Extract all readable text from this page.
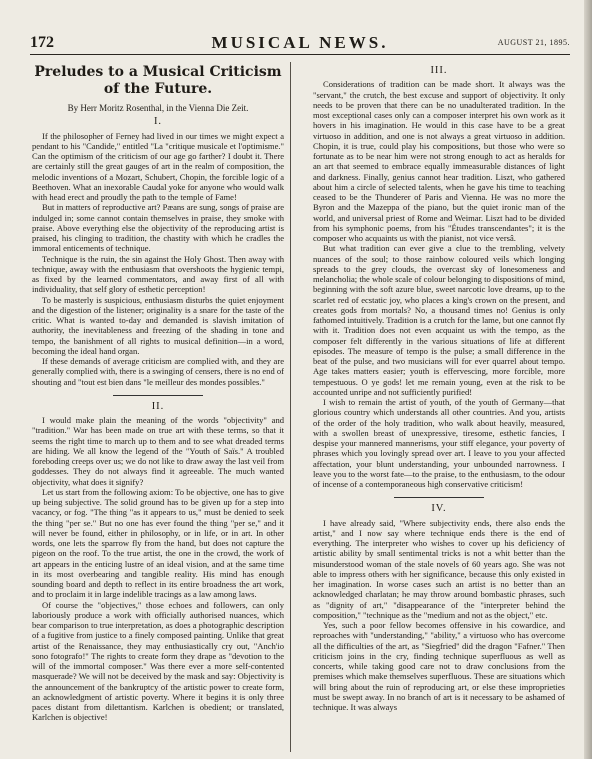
172	MUSICAL NEWS.	AUGUST 21, 1895.
Preludes to a Musical Criticism of the Future.
By Herr Moritz Rosenthal, in the Vienna Die Zeit.
I.

If the philosopher of Ferney had lived in our times we might expect a pendant to his "Candide," entitled "La "critique musicale et l'optimisme." Can the optimism of the criticism of our age go farther? I doubt it. There are certainly still the great gauges of art in the realm of composition, the melodic inventions of a Mozart, Schubert, Chopin, the forcible logic of a Beethoven. What an inexorable Caudal yoke for anyone who would walk with head erect and proudly the path to the temple of Fame!

But in matters of reproductive art? Pæans are sung, songs of praise are indulged in; some cannot contain themselves in praise, they smoke with praise. Above everything else the objectivity of the reproducing artist is praised, his clinging to tradition, the chastity with which he cradles the immoral enticements of technique.

Technique is the ruin, the sin against the Holy Ghost. Then away with technique, away with the enthusiasm that overshoots the hygienic tempi, as fixed by the learned commentators, and away first of all with individuality, that self glory of esthetic perception!

To be masterly is suspicious, enthusiasm disturbs the quiet enjoyment and the digestion of the listener; originality is a snare for the taste of the critic. What is wanted to-day and demanded is slavish imitation of authority, the inevitableness and freezing of the shading in tone and tempo, the banishment of all rights to musical definition—in a word, becoming the ideal hand organ.

If these demands of average criticism are complied with, and they are generally complied with, there is a swinging of censers, there is no end of shouting and "tout est bien dans "le meilleur des mondes possibles."

II.

I would make plain the meaning of the words "objectivity" and "tradition." War has been made on true art with these terms, so that it seems the right time to march up to them and to see what dreaded terms are hiding. We all know the legend of the "Youth of Saïs." A troubled foreboding creeps over us; we do not like to draw away the last veil from goddesses. They do not always find it agreeable. The much wanted objectivity, what does it signify?

Let us start from the following axiom: To be objective, one has to give up being subjective. The solid ground has to be given up for a step into vacancy, or fog. "The thing "as it appears to us," must be denied to seek the thing "per se." But no one has ever found the thing "per se," and it will never be found, either in philosophy, or in life, or in art. In other words, one lets the sparrow fly from the hand, but does not capture the pigeon on the roof. To the true artist, the one in the crowd, the work of art appears in the enticing lustre of an ideal vision, and at the same time in its most overbearing and tangible reality. His mind has enough sounding board and depth to reflect in its entire broadness the art work, and to proclaim it in large indelible tracings as a law among laws.

Of course the "objectives," those echoes and followers, can only laboriously produce a work with officially authorised nuances, which bear comparison to true interpretation, as does a photographic description of a fugitive from justice to a finely composed painting. Unlike that great artist of the Renaissance, they may enthusiastically cry out, "Anch'io sono fotografo!" The rights to create form they drape as "devotion to the will of the immortal composer." Was there ever a more self-contented masquerade? We will not be deceived by the mask and say: Objectivity is the announcement of the bankruptcy of the artistic power to create form, an acknowledgment of artistic poverty. Where it begins it is only three paces distant from dilettantism. Karlchen is obedient; or translated, Karlchen is objective!

III.

Considerations of tradition can be made short. It always was the "servant," the crutch, the best excuse and support of objectivity. It only needs to be proven that there can be no unadulterated tradition. In the most exceptional cases only can a composer interpret his own work as it hovers in his imagination. He would in this case have to be a great virtuoso in addition, and one is not always a great virtuoso in addition. Chopin, it is true, could play his compositions, but those who were so fortunate as to be near him were not strong enough to act as heralds for an art that seemed to embrace equally immeasurable distances of light and darkness. Finally, genius cannot hear tradition. Liszt, who gathered about him a circle of selected talents, when he gave his time to teaching ceased to be the Thunderer of Paris and Vienna. He was no more the Byron and the Mazeppa of the piano, but the quiet ironic man of the world, and universal priest of Rome and Weimar. Liszt had to be divided from his symphonic poems, from his "Études transcendantes"; it is the composer who acquaints us with the pianist, not vice versâ.

But what tradition can ever give a clue to the trembling, velvety nuances of the soul; to those rainbow coloured veils which longing spreads to the grey clouds, the overcast sky of lonesomeness and melancholia; the whole scale of colour belonging to dispositions of mind, beginning with the soft azure blue, sweet narcotic love dreams, up to the scarlet red of ecstatic joy, who places a king's crown on the present, and creates gods from mortals? No, a thousand times no! Genius is only fathomed intuitively. Tradition is a crutch for the lame, but one cannot fly with it. Tradition does not even acquaint us with the tempo, as the composer felt differently in the various situations of life at different episodes. The measure of tempo is the pulse; a small difference in the beat of the pulse, and two musicians will for ever quarrel about tempo. Age takes matters easier; youth is effervescing, more forcible, more tempestuous. O ye gods! let me remain young, even at the risk to be accounted unripe and not sufficiently purified!

I wish to remain the artist of youth, of the youth of Germany—that glorious country which understands all other countries. And you, artists of the order of the holy tradition, who walk about heavily, measured, with a swollen breast of unexpressive, tiresome, esthetic fancies, I despise your mannered mannerisms, your stiff elegance, your poverty of phrases which you lovingly spread over art. I leave to you your affected affectation, your blunt understanding, your unbounded narrowness. I leave you to the worst fate—to the praise, to the enthusiasm, to the odour of incense of a contemporaneous high conservative criticism!

IV.

I have already said, "Where subjectivity ends, there also ends the artist," and I now say where technique ends there is the end of everything. The interpreter who wishes to cover up his deficiency of artistic ability by small sentimental tricks is not a whit better than the misunderstood woman of the stale novels of 60 years ago. She was not able to impress others with her significance, because this only existed in her imagination. In worse cases such an artist is no better than an acknowledged charlatan; he may throw around bombastic phrases, such as "dignity of art," "disappearance of the "interpreter behind the composition," "technique as the "medium and not as the object," etc.

Yes, such a poor fellow becomes offensive in his cowardice, and reproaches with "understanding," "ability," a virtuoso who has overcome all the difficulties of the art, as "Siegfried" did the dragon "Fafner." Then criticism joins in the cry, finding technique superfluous as well as concerts, while taking good care not to draw conclusions from the premises which make themselves superfluous. These are situations which will bring about the ruin of reproducing art, or else these improprieties must be swept away. In no branch of art is it necessary to be ashamed of technique. It was always
